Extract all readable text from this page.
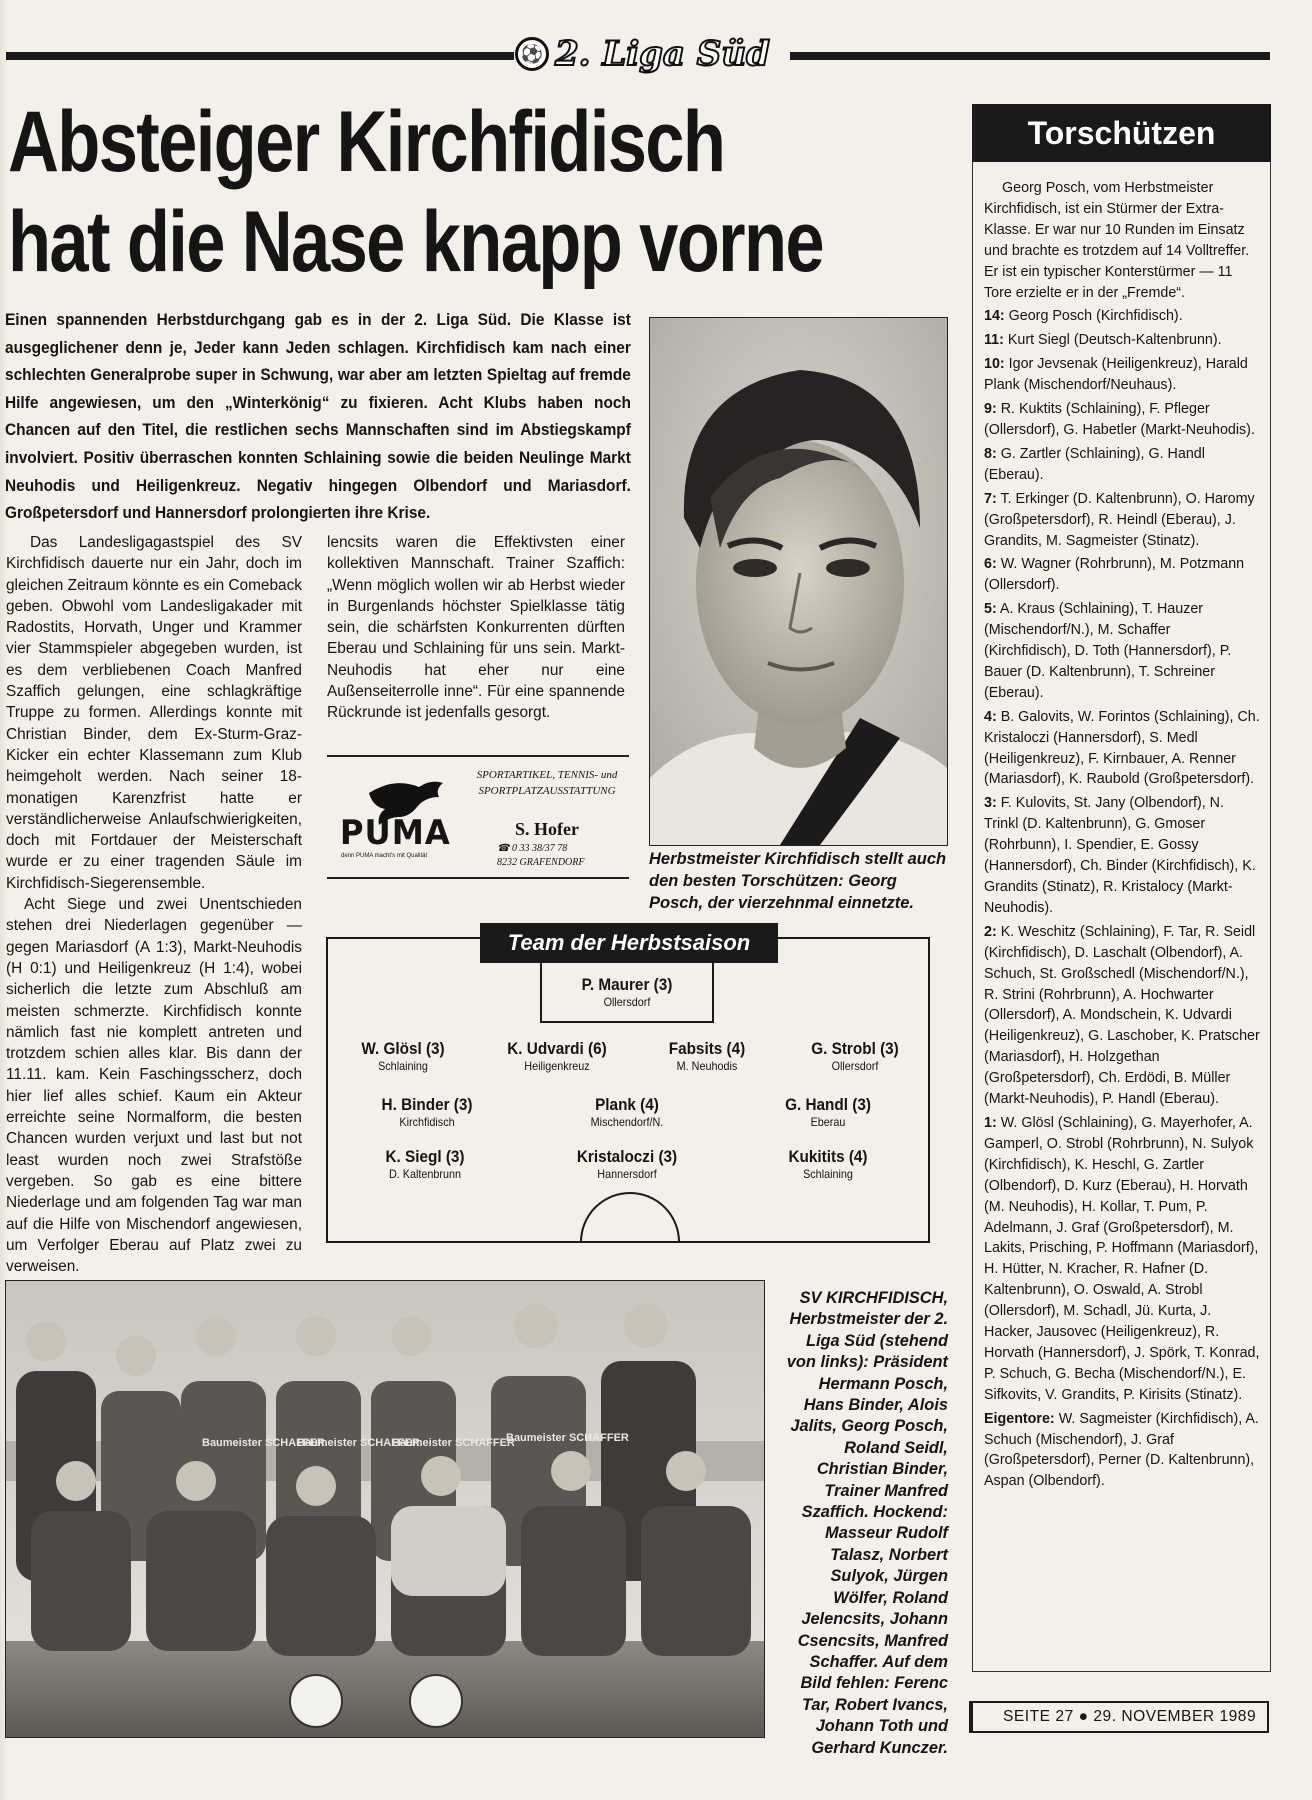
⚽ 2. Liga Süd
Absteiger Kirchfidisch
hat die Nase knapp vorne
Einen spannenden Herbstdurchgang gab es in der 2. Liga Süd. Die Klasse ist ausgeglichener denn je, Jeder kann Jeden schlagen. Kirchfidisch kam nach einer schlechten Generalprobe super in Schwung, war aber am letzten Spieltag auf fremde Hilfe angewiesen, um den „Winterkönig“ zu fixieren. Acht Klubs haben noch Chancen auf den Titel, die restlichen sechs Mannschaften sind im Abstiegskampf involviert. Positiv überraschen konnten Schlaining sowie die beiden Neulinge Markt Neuhodis und Heiligenkreuz. Negativ hingegen Olbendorf und Mariasdorf. Großpetersdorf und Hannersdorf prolongierten ihre Krise.

Das Landesligagastspiel des SV Kirchfidisch dauerte nur ein Jahr, doch im gleichen Zeitraum könnte es ein Comeback geben. Obwohl vom Landesligakader mit Radostits, Horvath, Unger und Krammer vier Stammspieler abgegeben wurden, ist es dem verbliebenen Coach Manfred Szaffich gelungen, eine schlagkräftige Truppe zu formen. Allerdings konnte mit Christian Binder, dem Ex-Sturm-Graz-Kicker ein echter Klassemann zum Klub heimgeholt werden. Nach seiner 18-monatigen Karenzfrist hatte er verständlicherweise Anlaufschwierigkeiten, doch mit Fortdauer der Meisterschaft wurde er zu einer tragenden Säule im Kirchfidisch-Siegerensemble.

Acht Siege und zwei Unentschieden stehen drei Niederlagen gegenüber — gegen Mariasdorf (A 1:3), Markt-Neuhodis (H 0:1) und Heiligenkreuz (H 1:4), wobei sicherlich die letzte zum Abschluß am meisten schmerzte. Kirchfidisch konnte nämlich fast nie komplett antreten und trotzdem schien alles klar. Bis dann der 11.11. kam. Kein Faschingsscherz, doch hier lief alles schief. Kaum ein Akteur erreichte seine Normalform, die besten Chancen wurden verjuxt und last but not least wurden noch zwei Strafstöße vergeben. So gab es eine bittere Niederlage und am folgenden Tag war man auf die Hilfe von Mischendorf angewiesen, um Verfolger Eberau auf Platz zwei zu verweisen.

lencsits waren die Effektivsten einer kollektiven Mannschaft. Trainer Szaffich: „Wenn möglich wollen wir ab Herbst wieder in Burgenlands höchster Spielklasse tätig sein, die schärfsten Konkurrenten dürften Eberau und Schlaining für uns sein. Markt-Neuhodis hat eher nur eine Außenseiterrolle inne“. Für eine spannende Rückrunde ist jedenfalls gesorgt.

PUMA
denn PUMA macht's mit Qualität
SPORTARTIKEL, TENNIS- und SPORTPLATZAUSSTATTUNG
S. Hofer
☎ 0 33 38/37 78
8232 GRAFENDORF	Herbstmeister Kirchfidisch stellt auch den besten Torschützen: Georg Posch, der vierzehnmal einnetzte.
Team der Herbstsaison
P. Maurer (3)
Ollersdorf
W. Glösl (3)
Schlaining
K. Udvardi (6)
Heiligenkreuz
Fabsits (4)
M. Neuhodis
G. Strobl (3)
Ollersdorf
H. Binder (3)
Kirchfidisch
Plank (4)
Mischendorf/N.
G. Handl (3)
Eberau
K. Siegl (3)
D. Kaltenbrunn
Kristaloczi (3)
Hannersdorf
Kukitits (4)
Schlaining
Baumeister SCHAFFER
Baumeister SCHAFFER
Baumeister SCHAFFER
Baumeister SCHAFFER
SV KIRCHFIDISCH, Herbstmeister der 2. Liga Süd (stehend von links): Präsident Hermann Posch, Hans Binder, Alois Jalits, Georg Posch, Roland Seidl, Christian Binder, Trainer Manfred Szaffich. Hockend: Masseur Rudolf Talasz, Norbert Sulyok, Jürgen Wölfer, Roland Jelencsits, Johann Csencsits, Manfred Schaffer. Auf dem Bild fehlen: Ferenc Tar, Robert Ivancs, Johann Toth und Gerhard Kunczer.
Torschützen

Georg Posch, vom Herbstmeister Kirchfidisch, ist ein Stürmer der Extra-Klasse. Er war nur 10 Runden im Einsatz und brachte es trotzdem auf 14 Volltreffer. Er ist ein typischer Konterstürmer — 11 Tore erzielte er in der „Fremde“.

14: Georg Posch (Kirchfidisch).

11: Kurt Siegl (Deutsch-Kaltenbrunn).

10: Igor Jevsenak (Heiligenkreuz), Harald Plank (Mischendorf/Neuhaus).

9: R. Kuktits (Schlaining), F. Pfleger (Ollersdorf), G. Habetler (Markt-Neuhodis).

8: G. Zartler (Schlaining), G. Handl (Eberau).

7: T. Erkinger (D. Kaltenbrunn), O. Haromy (Großpetersdorf), R. Heindl (Eberau), J. Grandits, M. Sagmeister (Stinatz).

6: W. Wagner (Rohrbrunn), M. Potzmann (Ollersdorf).

5: A. Kraus (Schlaining), T. Hauzer (Mischendorf/N.), M. Schaffer (Kirchfidisch), D. Toth (Hannersdorf), P. Bauer (D. Kaltenbrunn), T. Schreiner (Eberau).

4: B. Galovits, W. Forintos (Schlaining), Ch. Kristaloczi (Hannersdorf), S. Medl (Heiligenkreuz), F. Kirnbauer, A. Renner (Mariasdorf), K. Raubold (Großpetersdorf).

3: F. Kulovits, St. Jany (Olbendorf), N. Trinkl (D. Kaltenbrunn), G. Gmoser (Rohrbunn), I. Spendier, E. Gossy (Hannersdorf), Ch. Binder (Kirchfidisch), K. Grandits (Stinatz), R. Kristalocy (Markt-Neuhodis).

2: K. Weschitz (Schlaining), F. Tar, R. Seidl (Kirchfidisch), D. Laschalt (Olbendorf), A. Schuch, St. Großschedl (Mischendorf/N.), R. Strini (Rohrbrunn), A. Hochwarter (Ollersdorf), A. Mondschein, K. Udvardi (Heiligenkreuz), G. Laschober, K. Pratscher (Mariasdorf), H. Holzgethan (Großpetersdorf), Ch. Erdödi, B. Müller (Markt-Neuhodis), P. Handl (Eberau).

1: W. Glösl (Schlaining), G. Mayerhofer, A. Gamperl, O. Strobl (Rohrbrunn), N. Sulyok (Kirchfidisch), K. Heschl, G. Zartler (Olbendorf), D. Kurz (Eberau), H. Horvath (M. Neuhodis), H. Kollar, T. Pum, P. Adelmann, J. Graf (Großpetersdorf), M. Lakits, Prisching, P. Hoffmann (Mariasdorf), H. Hütter, N. Kracher, R. Hafner (D. Kaltenbrunn), O. Oswald, A. Strobl (Ollersdorf), M. Schadl, Jü. Kurta, J. Hacker, Jausovec (Heiligenkreuz), R. Horvath (Hannersdorf), J. Spörk, T. Konrad, P. Schuch, G. Becha (Mischendorf/N.), E. Sifkovits, V. Grandits, P. Kirisits (Stinatz).

Eigentore: W. Sagmeister (Kirchfidisch), A. Schuch (Mischendorf), J. Graf (Großpetersdorf), Perner (D. Kaltenbrunn), Aspan (Olbendorf).

SEITE 27 ● 29. NOVEMBER 1989
